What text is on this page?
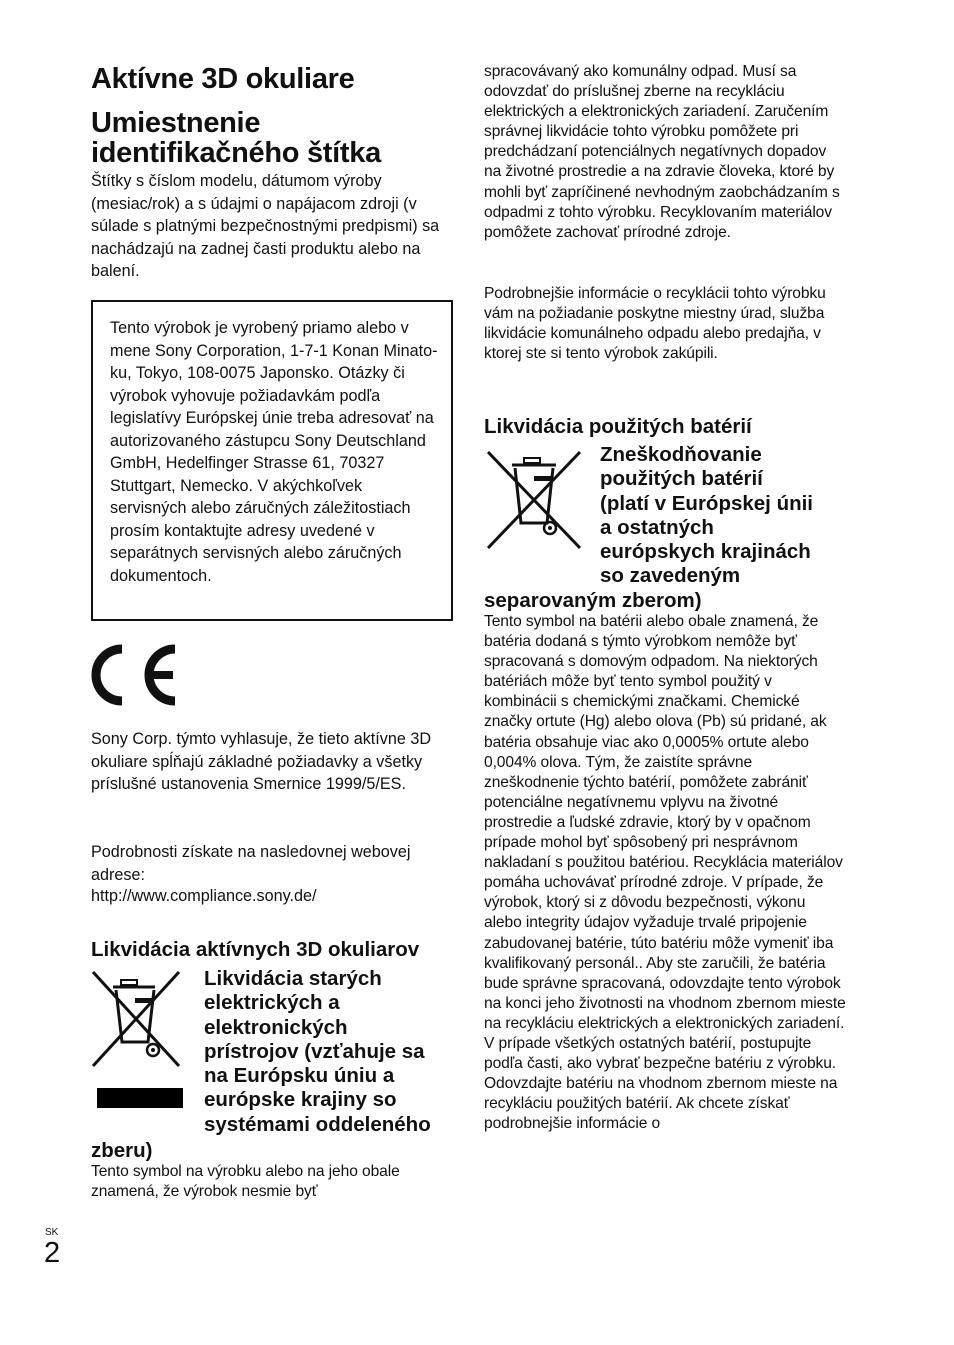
Aktívne 3D okuliare
Umiestnenie identifikačného štítka

Štítky s číslom modelu, dátumom výroby (mesiac/rok) a s údajmi o napájacom zdroji (v súlade s platnými bezpečnostnými predpismi) sa nachádzajú na zadnej časti produktu alebo na balení.

Tento výrobok je vyrobený priamo alebo v mene Sony Corporation, 1-7-1 Konan Minato-ku, Tokyo, 108-0075 Japonsko. Otázky či výrobok vyhovuje požiadavkám podľa legislatívy Európskej únie treba adresovať na autorizovaného zástupcu Sony Deutschland GmbH, Hedelfinger Strasse 61, 70327 Stuttgart, Nemecko. V akýchkoľvek servisných alebo záručných záležitostiach prosím kontaktujte adresy uvedené v separátnych servisných alebo záručných dokumentoch.

Sony Corp. týmto vyhlasuje, že tieto aktívne 3D okuliare spĺňajú základné požiadavky a všetky príslušné ustanovenia Smernice 1999/5/ES.

Podrobnosti získate na nasledovnej webovej adrese:

http://www.compliance.sony.de/
Likvidácia aktívnych 3D okuliarov
Likvidácia starých
elektrických a
elektronických
prístrojov (vzťahuje sa
na Európsku úniu a
európske krajiny so
systémami oddeleného
zberu)

Tento symbol na výrobku alebo na jeho obale znamená, že výrobok nesmie byť

spracovávaný ako komunálny odpad. Musí sa odovzdať do príslušnej zberne na recykláciu elektrických a elektronických zariadení. Zaručením správnej likvidácie tohto výrobku pomôžete pri predchádzaní potenciálnych negatívnych dopadov na životné prostredie a na zdravie človeka, ktoré by mohli byť zapríčinené nevhodným zaobchádzaním s odpadmi z tohto výrobku. Recyklovaním materiálov pomôžete zachovať prírodné zdroje.

Podrobnejšie informácie o recyklácii tohto výrobku vám na požiadanie poskytne miestny úrad, služba likvidácie komunálneho odpadu alebo predajňa, v ktorej ste si tento výrobok zakúpili.

Likvidácia použitých batérií
Zneškodňovanie
použitých batérií
(platí v Európskej únii
a ostatných
európskych krajinách
so zavedeným
separovaným zberom)

Tento symbol na batérii alebo obale znamená, že batéria dodaná s týmto výrobkom nemôže byť spracovaná s domovým odpadom. Na niektorých batériách môže byť tento symbol použitý v kombinácii s chemickými značkami. Chemické značky ortute (Hg) alebo olova (Pb) sú pridané, ak batéria obsahuje viac ako 0,0005% ortute alebo 0,004% olova. Tým, že zaistíte správne zneškodnenie týchto batérií, pomôžete zabrániť potenciálne negatívnemu vplyvu na životné prostredie a ľudské zdravie, ktorý by v opačnom prípade mohol byť spôsobený pri nesprávnom nakladaní s použitou batériou. Recyklácia materiálov pomáha uchovávať prírodné zdroje. V prípade, že výrobok, ktorý si z dôvodu bezpečnosti, výkonu alebo integrity údajov vyžaduje trvalé pripojenie zabudovanej batérie, túto batériu môže vymeniť iba kvalifikovaný personál.. Aby ste zaručili, že batéria bude správne spracovaná, odovzdajte tento výrobok na konci jeho životnosti na vhodnom zbernom mieste na recykláciu elektrických a elektronických zariadení. V prípade všetkých ostatných batérií, postupujte podľa časti, ako vybrať bezpečne batériu z výrobku. Odovzdajte batériu na vhodnom zbernom mieste na recykláciu použitých batérií. Ak chcete získať podrobnejšie informácie o

SK
2
